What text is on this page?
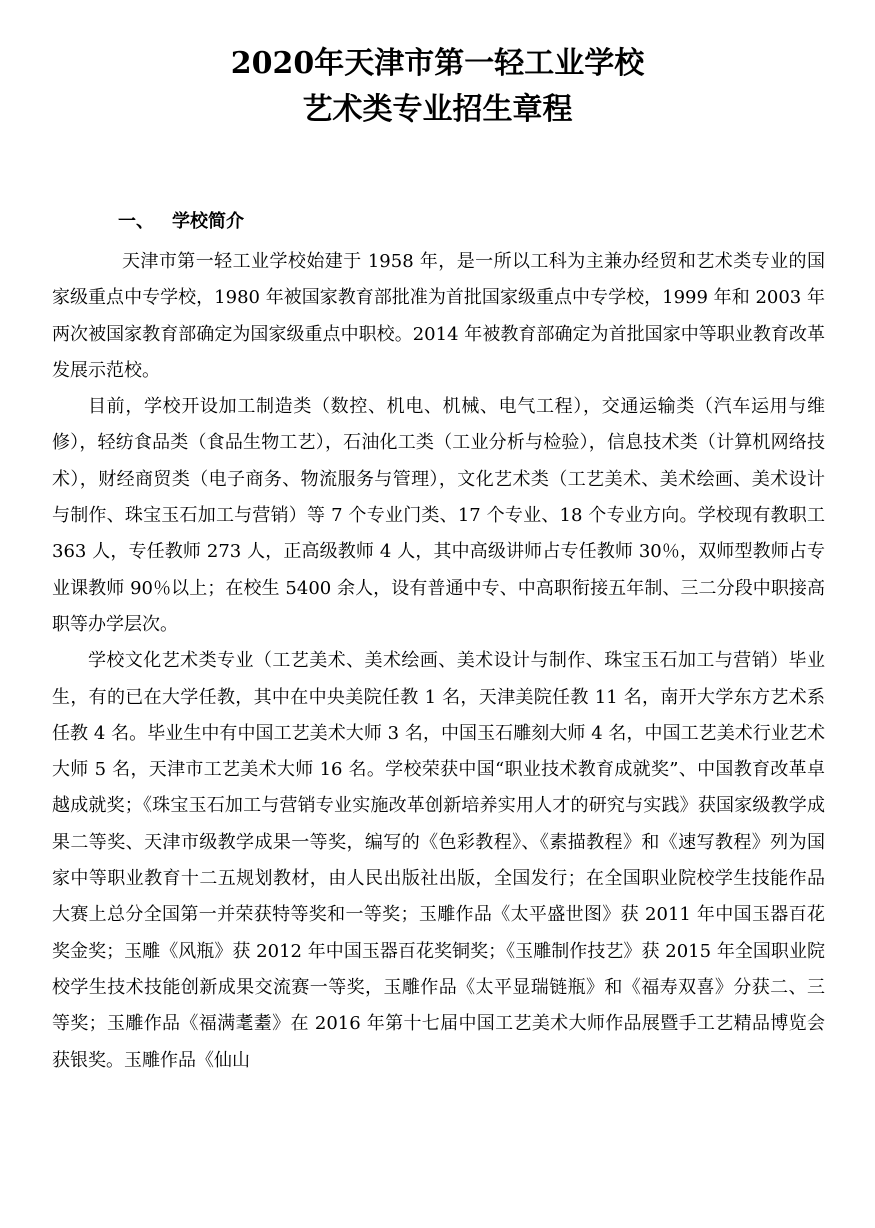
2020年天津市第一轻工业学校
艺术类专业招生章程
一、 学校简介

天津市第一轻工业学校始建于 1958 年，是一所以工科为主兼办经贸和艺术类专业的国家级重点中专学校，1980 年被国家教育部批准为首批国家级重点中专学校，1999 年和 2003 年两次被国家教育部确定为国家级重点中职校。2014 年被教育部确定为首批国家中等职业教育改革发展示范校。

目前，学校开设加工制造类（数控、机电、机械、电气工程），交通运输类（汽车运用与维修），轻纺食品类（食品生物工艺），石油化工类（工业分析与检验），信息技术类（计算机网络技术），财经商贸类（电子商务、物流服务与管理），文化艺术类（工艺美术、美术绘画、美术设计与制作、珠宝玉石加工与营销）等 7 个专业门类、17 个专业、18 个专业方向。学校现有教职工 363 人，专任教师 273 人，正高级教师 4 人，其中高级讲师占专任教师 30％，双师型教师占专业课教师 90％以上；在校生 5400 余人，设有普通中专、中高职衔接五年制、三二分段中职接高职等办学层次。

学校文化艺术类专业（工艺美术、美术绘画、美术设计与制作、珠宝玉石加工与营销）毕业生，有的已在大学任教，其中在中央美院任教 1 名，天津美院任教 11 名，南开大学东方艺术系任教 4 名。毕业生中有中国工艺美术大师 3 名，中国玉石雕刻大师 4 名，中国工艺美术行业艺术大师 5 名，天津市工艺美术大师 16 名。学校荣获中国“职业技术教育成就奖”、中国教育改革卓越成就奖；《珠宝玉石加工与营销专业实施改革创新培养实用人才的研究与实践》获国家级教学成果二等奖、天津市级教学成果一等奖，编写的《色彩教程》、《素描教程》和《速写教程》列为国家中等职业教育十二五规划教材，由人民出版社出版，全国发行；在全国职业院校学生技能作品大赛上总分全国第一并荣获特等奖和一等奖；玉雕作品《太平盛世图》获 2011 年中国玉器百花奖金奖；玉雕《风瓶》获 2012 年中国玉器百花奖铜奖；《玉雕制作技艺》获 2015 年全国职业院校学生技术技能创新成果交流赛一等奖，玉雕作品《太平显瑞链瓶》和《福寿双喜》分获二、三等奖；玉雕作品《福满耄耋》在 2016 年第十七届中国工艺美术大师作品展暨手工艺精品博览会获银奖。玉雕作品《仙山
